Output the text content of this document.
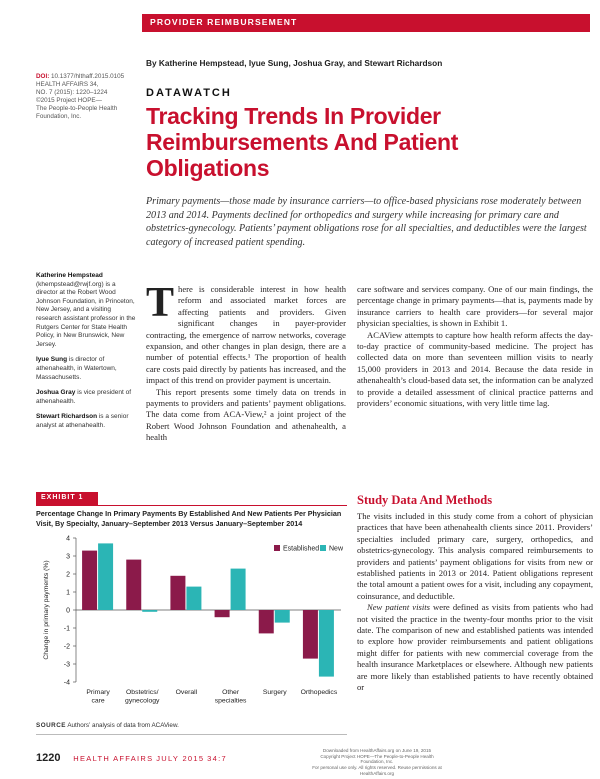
PROVIDER REIMBURSEMENT
DOI: 10.1377/hlthaff.2015.0105
HEALTH AFFAIRS 34,
NO. 7 (2015): 1220–1224
©2015 Project HOPE—
The People-to-People Health
Foundation, Inc.
By Katherine Hempstead, Iyue Sung, Joshua Gray, and Stewart Richardson
DATAWATCH
Tracking Trends In Provider Reimbursements And Patient Obligations

Primary payments—those made by insurance carriers—to office-based physicians rose moderately between 2013 and 2014. Payments declined for orthopedics and surgery while increasing for primary care and obstetrics-gynecology. Patients’ payment obligations rose for all specialties, and deductibles were the largest category of increased patient spending.

Katherine Hempstead (khempstead@rwjf.org) is a director at the Robert Wood Johnson Foundation, in Princeton, New Jersey, and a visiting research assistant professor in the Rutgers Center for State Health Policy, in New Brunswick, New Jersey.

Iyue Sung is director of athenahealth, in Watertown, Massachusetts.

Joshua Gray is vice president of athenahealth.

Stewart Richardson is a senior analyst at athenahealth.

There is considerable interest in how health reform and associated market forces are affecting patients and providers. Given significant changes in payer-provider contracting, the emergence of narrow networks, coverage expansion, and other changes in plan design, there are a number of potential effects.¹ The proportion of health care costs paid directly by patients has increased, and the impact of this trend on provider payment is uncertain.

This report presents some timely data on trends in payments to providers and patients’ payment obligations. The data come from ACA-View,² a joint project of the Robert Wood Johnson Foundation and athenahealth, a health

care software and services company. One of our main findings, the percentage change in primary payments—that is, payments made by insurance carriers to health care providers—for several major physician specialties, is shown in Exhibit 1.

ACAView attempts to capture how health reform affects the day-to-day practice of community-based medicine. The project has collected data on more than seventeen million visits to nearly 15,000 providers in 2013 and 2014. Because the data reside in athenahealth’s cloud-based data set, the information can be analyzed to provide a detailed assessment of clinical practice patterns and providers’ economic situations, with very little time lag.

Study Data And Methods

The visits included in this study come from a cohort of physician practices that have been athenahealth clients since 2011. Providers’ specialties included primary care, surgery, orthopedics, and obstetrics-gynecology. This analysis compared reimbursements to providers and patients’ payment obligations for visits from new or established patients in 2013 or 2014. Patient obligations represent the total amount a patient owes for a visit, including any copayment, coinsurance, and deductible.

New patient visits were defined as visits from patients who had not visited the practice in the twenty-four months prior to the visit date. The comparison of new and established patients was intended to explore how provider reimbursements and patient obligations might differ for patients with new commercial coverage from the health insurance Marketplaces or elsewhere. Although new patients are more likely than established patients to have recently obtained or

EXHIBIT 1
Percentage Change In Primary Payments By Established And New Patients Per Physician Visit, By Specialty, January–September 2013 Versus January–September 2014
4
3
2
1
0
-1
-2
-3
-4
Change in primary payments (%)
Primary
care
Obstetrics/
gynecology
Overall	Other
specialties
Surgery Orthopedics
Established New
SOURCE Authors’ analysis of data from ACAView.
1220 HEALTH AFFAIRS JULY 2015 34:7
Downloaded from HealthAffairs.org on June 19, 2015
Copyright Project HOPE—The People-to-People Health Foundation, Inc.
For personal use only. All rights reserved. Reuse permissions at HealthAffairs.org
